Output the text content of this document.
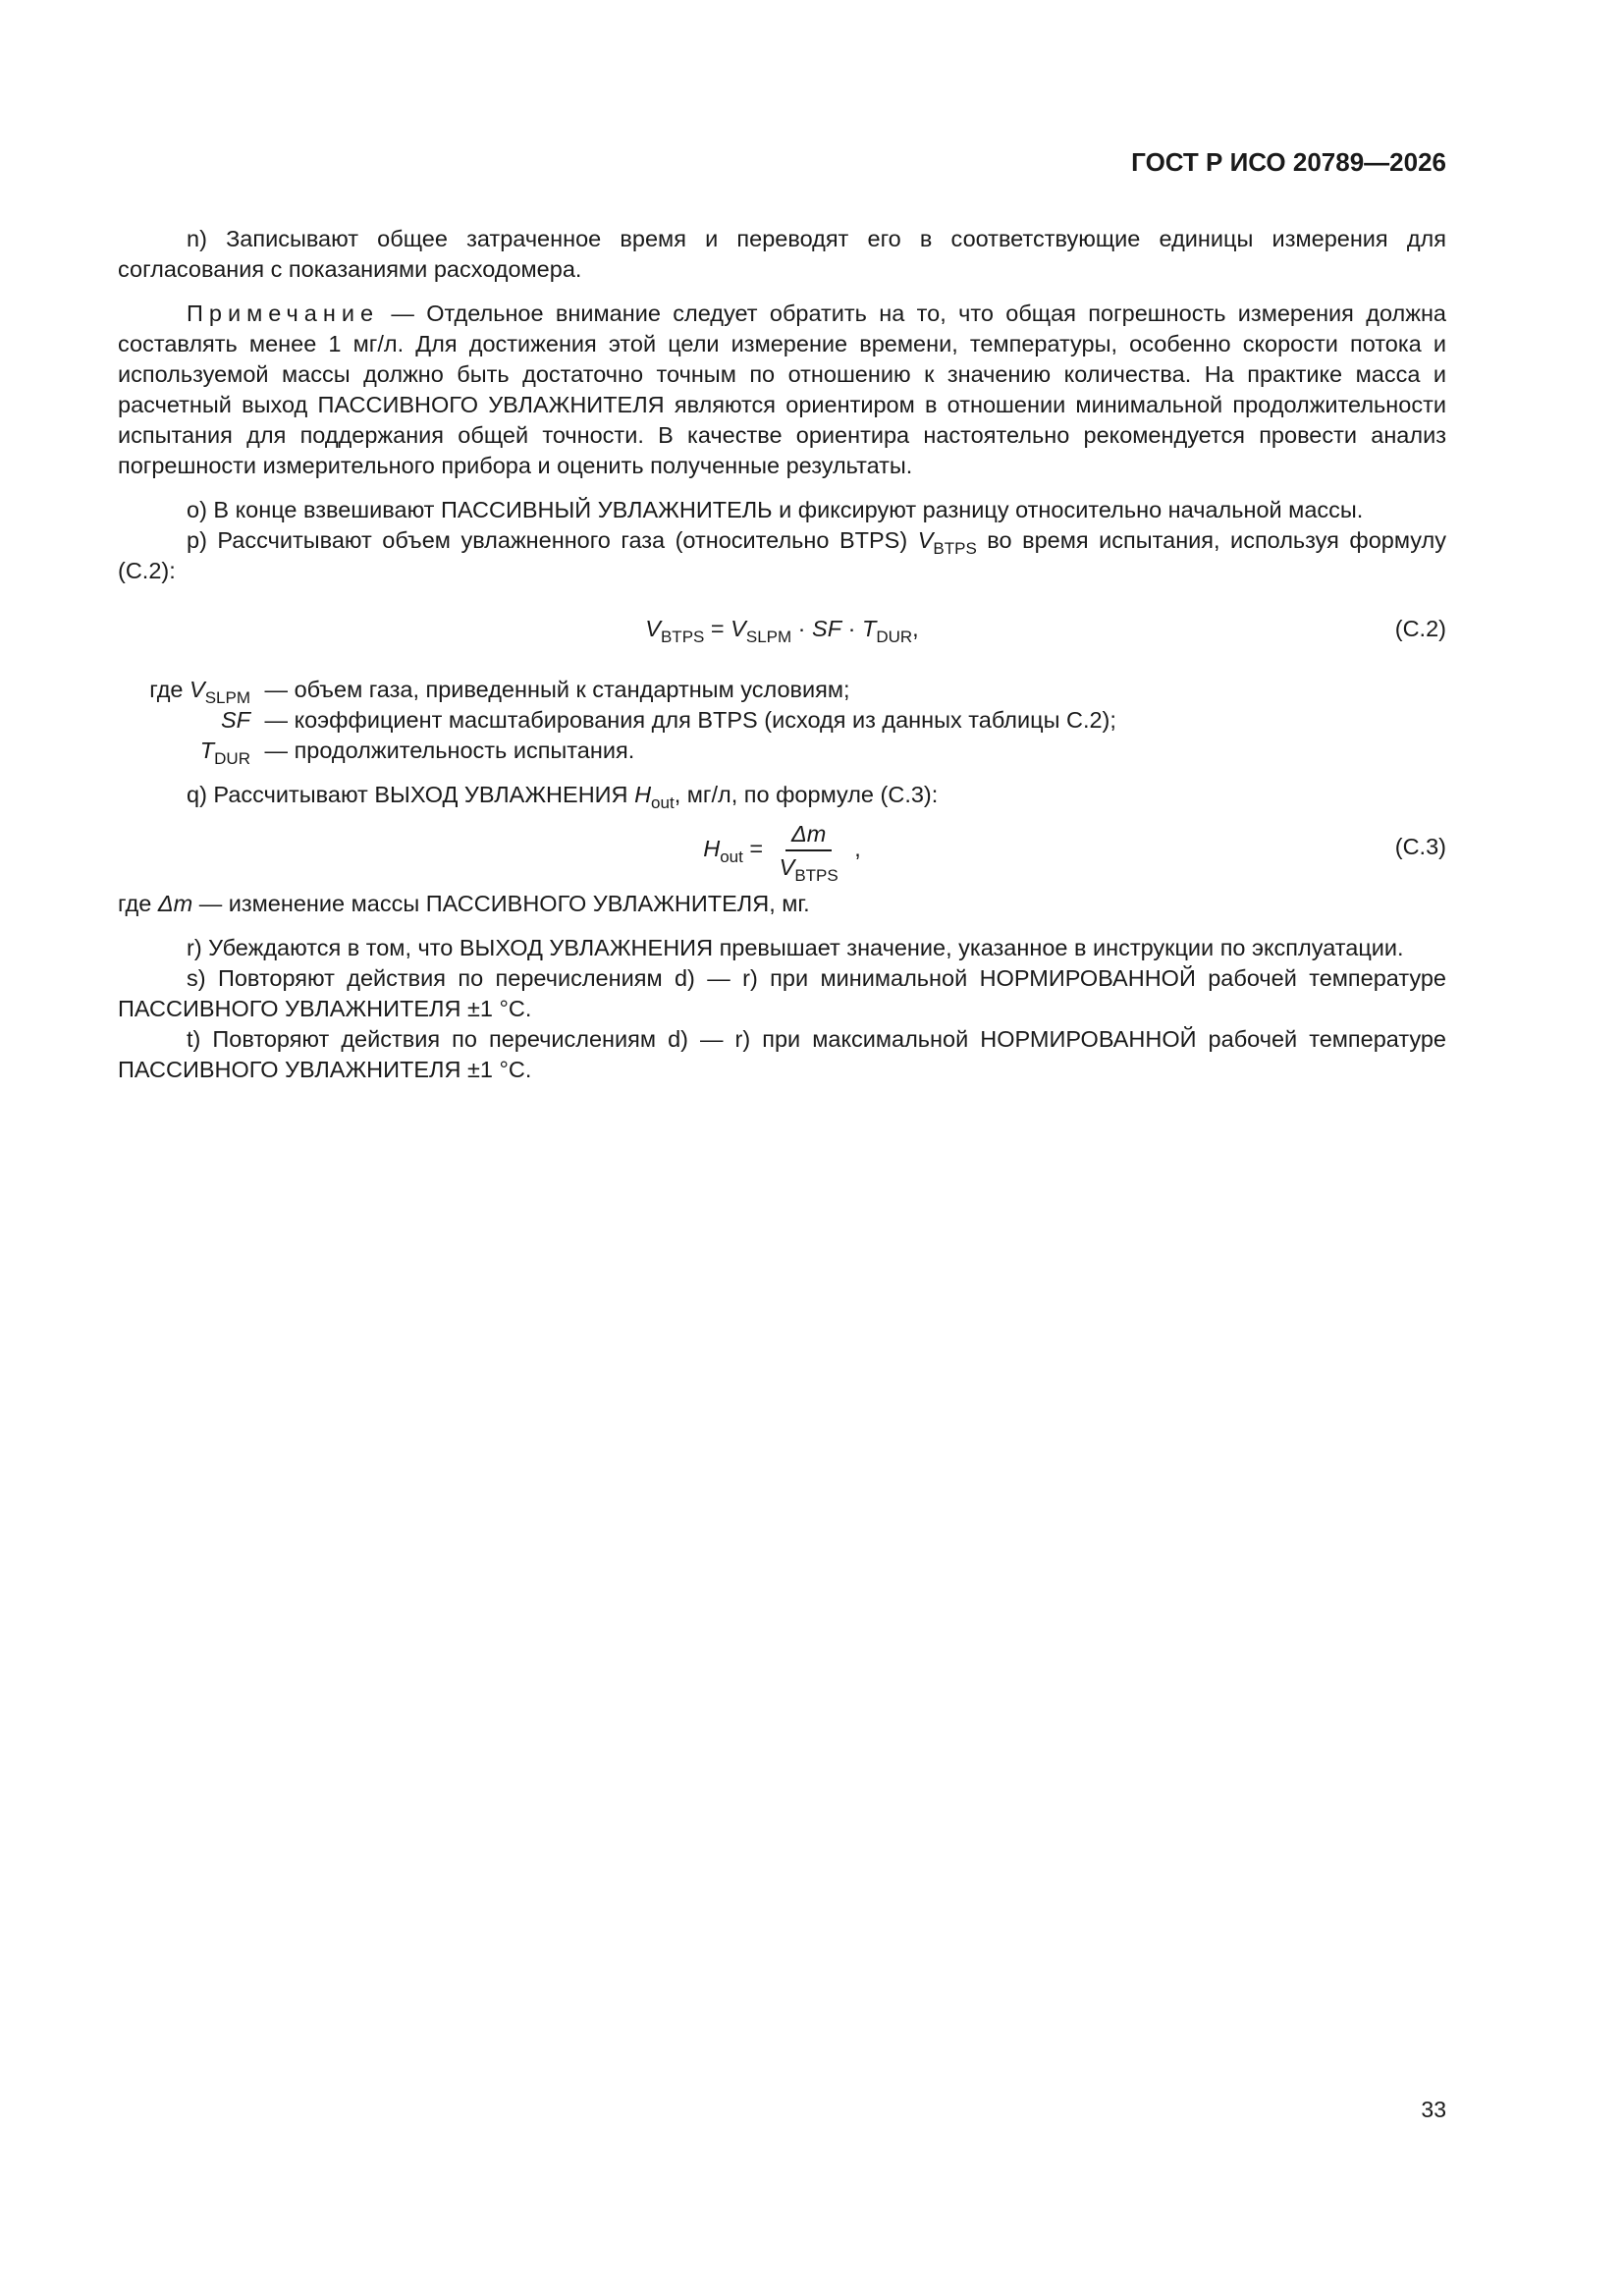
ГОСТ Р ИСО 20789—2026

n) Записывают общее затраченное время и переводят его в соответствующие единицы измерения для согласования с показаниями расходомера.

Примечание — Отдельное внимание следует обратить на то, что общая погрешность измерения должна составлять менее 1 мг/л. Для достижения этой цели измерение времени, температуры, особенно скорости потока и используемой массы должно быть достаточно точным по отношению к значению количества. На практике масса и расчетный выход ПАССИВНОГО УВЛАЖНИТЕЛЯ являются ориентиром в отношении минимальной продолжительности испытания для поддержания общей точности. В качестве ориентира настоятельно рекомендуется провести анализ погрешности измерительного прибора и оценить полученные результаты.

o) В конце взвешивают ПАССИВНЫЙ УВЛАЖНИТЕЛЬ и фиксируют разницу относительно начальной массы.

p) Рассчитывают объем увлажненного газа (относительно BTPS) $V_{BTPS}$ во время испытания, используя формулу (C.2):

$V_{BTPS} = V_{SLPM}$ · SF · $T_{DUR}$,	(C.2)
где $V_{SLPM}$ — объем газа, приведенный к стандартным условиям;
SF — коэффициент масштабирования для BTPS (исходя из данных таблицы С.2);
$T_{DUR}$ — продолжительность испытания.

q) Рассчитывают ВЫХОД УВЛАЖНЕНИЯ $H_{out}$, мг/л, по формуле (С.3):

$H_{out} = \frac{\Delta m}{V_{BTPS}}$ ,	(C.3)

где Δm — изменение массы ПАССИВНОГО УВЛАЖНИТЕЛЯ, мг.

r) Убеждаются в том, что ВЫХОД УВЛАЖНЕНИЯ превышает значение, указанное в инструкции по эксплуатации.

s) Повторяют действия по перечислениям d) — r) при минимальной НОРМИРОВАННОЙ рабочей температуре ПАССИВНОГО УВЛАЖНИТЕЛЯ ±1 °С.

t) Повторяют действия по перечислениям d) — r) при максимальной НОРМИРОВАННОЙ рабочей температуре ПАССИВНОГО УВЛАЖНИТЕЛЯ ±1 °С.

33
